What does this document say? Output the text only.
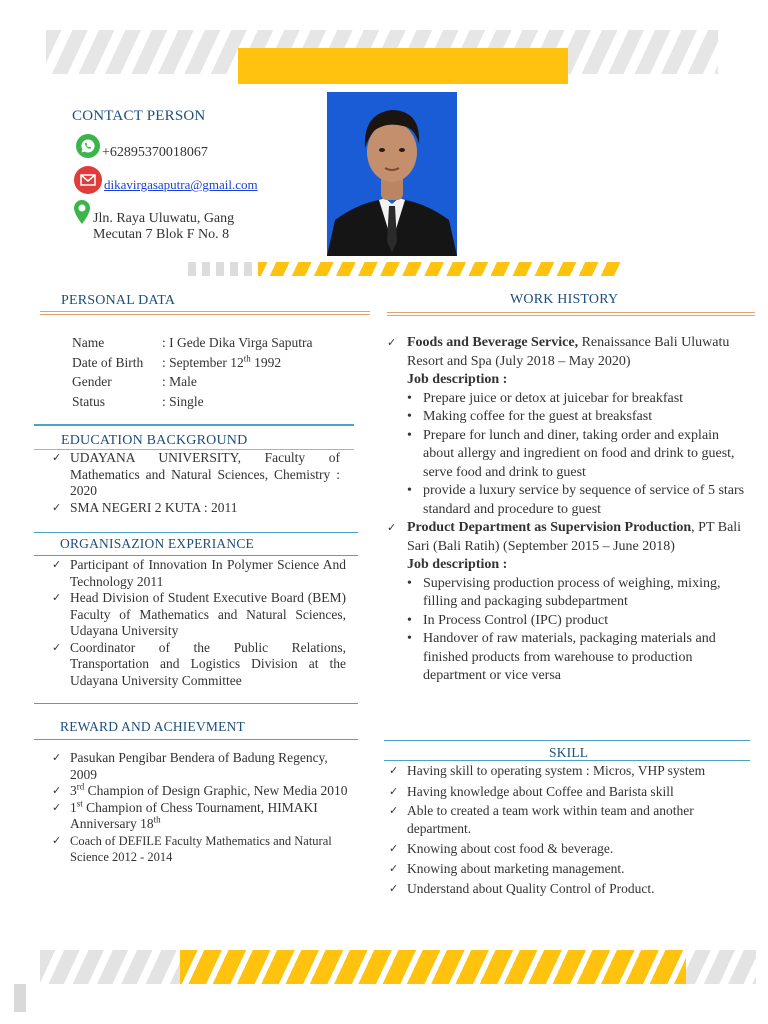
CONTACT PERSON
+62895370018067
dikavirgasaputra@gmail.com
Jln. Raya Uluwatu, Gang
Mecutan 7 Blok F No. 8
PERSONAL DATA
Name	: I Gede Dika Virga Saputra
Date of Birth	: September 12th 1992
Gender	: Male
Status	: Single
EDUCATION BACKGROUND
✓ UDAYANA UNIVERSITY, Faculty of Mathematics and Natural Sciences, Chemistry : 2020
✓ SMA NEGERI 2 KUTA : 2011
ORGANISAZION EXPERIANCE
✓ Participant of Innovation In Polymer Science And Technology 2011
✓ Head Division of Student Executive Board (BEM) Faculty of Mathematics and Natural Sciences, Udayana University
✓ Coordinator of the Public Relations, Transportation and Logistics Division at the Udayana University Committee
REWARD AND ACHIEVMENT
✓ Pasukan Pengibar Bendera of Badung Regency, 2009
✓ 3rd Champion of Design Graphic, New Media 2010
✓ 1st Champion of Chess Tournament, HIMAKI Anniversary 18th
✓ Coach of DEFILE Faculty Mathematics and Natural Science 2012 - 2014
WORK HISTORY
✓ Foods and Beverage Service, Renaissance Bali Uluwatu Resort and Spa (July 2018 – May 2020)
Job description :
• Prepare juice or detox at juicebar for breakfast
• Making coffee for the guest at breaksfast
• Prepare for lunch and diner, taking order and explain about allergy and ingredient on food and drink to guest, serve food and drink to guest
• provide a luxury service by sequence of service of 5 stars standard and procedure to guest
✓ Product Department as Supervision Production, PT Bali Sari (Bali Ratih) (September 2015 – June 2018)
Job description :
• Supervising production process of weighing, mixing, filling and packaging subdepartment
• In Process Control (IPC) product
• Handover of raw materials, packaging materials and finished products from warehouse to production department or vice versa
SKILL
✓ Having skill to operating system : Micros, VHP system
✓ Having knowledge about Coffee and Barista skill
✓ Able to created a team work within team and another department.
✓ Knowing about cost food & beverage.
✓ Knowing about marketing management.
✓ Understand about Quality Control of Product.
